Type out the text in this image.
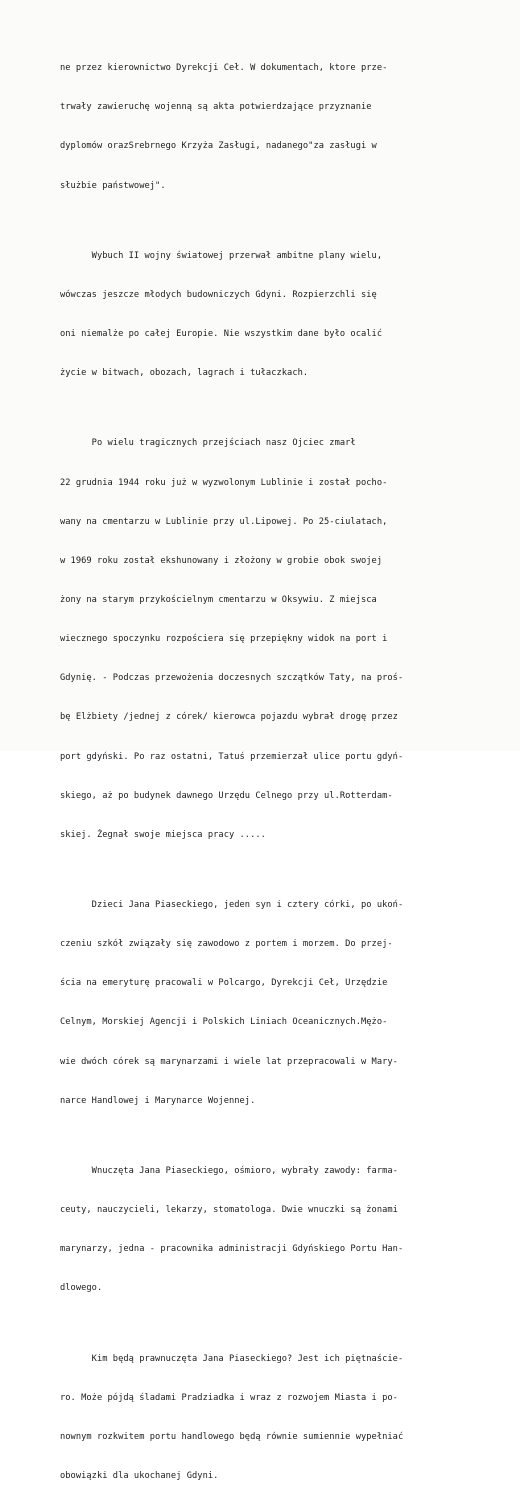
ne przez kierownictwo Dyrekcji Ceł. W dokumentach, ktore prze-

trwały zawieruchę wojenną są akta potwierdzające przyznanie

dyplomów orazSrebrnego Krzyża Zasługi, nadanego"za zasługi w

służbie państwowej".

Wybuch II wojny światowej przerwał ambitne plany wielu,

wówczas jeszcze młodych budowniczych Gdyni. Rozpierzchli się

oni niemalże po całej Europie. Nie wszystkim dane było ocalić

życie w bitwach, obozach, lagrach i tułaczkach.

Po wielu tragicznych przejściach nasz Ojciec zmarł

22 grudnia 1944 roku już w wyzwolonym Lublinie i został pocho-

wany na cmentarzu w Lublinie przy ul.Lipowej. Po 25-ciulatach,

w 1969 roku został ekshunowany i złożony w grobie obok swojej

żony na starym przykościelnym cmentarzu w Oksywiu. Z miejsca

wiecznego spoczynku rozpościera się przepiękny widok na port i

Gdynię. - Podczas przewożenia doczesnych szczątków Taty, na proś-

bę Elżbiety /jednej z córek/ kierowca pojazdu wybrał drogę przez

port gdyński. Po raz ostatni, Tatuś przemierzał ulice portu gdyń-

skiego, aż po budynek dawnego Urzędu Celnego przy ul.Rotterdam-

skiej. Żegnał swoje miejsca pracy .....

Dzieci Jana Piaseckiego, jeden syn i cztery córki, po ukoń-

czeniu szkół związały się zawodowo z portem i morzem. Do przej-

ścia na emeryturę pracowali w Polcargo, Dyrekcji Ceł, Urzędzie

Celnym, Morskiej Agencji i Polskich Liniach Oceanicznych.Mężo-

wie dwóch córek są marynarzami i wiele lat przepracowali w Mary-

narce Handlowej i Marynarce Wojennej.

Wnuczęta Jana Piaseckiego, ośmioro, wybrały zawody: farma-

ceuty, nauczycieli, lekarzy, stomatologa. Dwie wnuczki są żonami

marynarzy, jedna - pracownika administracji Gdyńskiego Portu Han-

dlowego.

Kim będą prawnuczęta Jana Piaseckiego? Jest ich piętnaście-

ro. Może pójdą śladami Pradziadka i wraz z rozwojem Miasta i po-

nownym rozkwitem portu handlowego będą równie sumiennie wypełniać

obowiązki dla ukochanej Gdyni.
